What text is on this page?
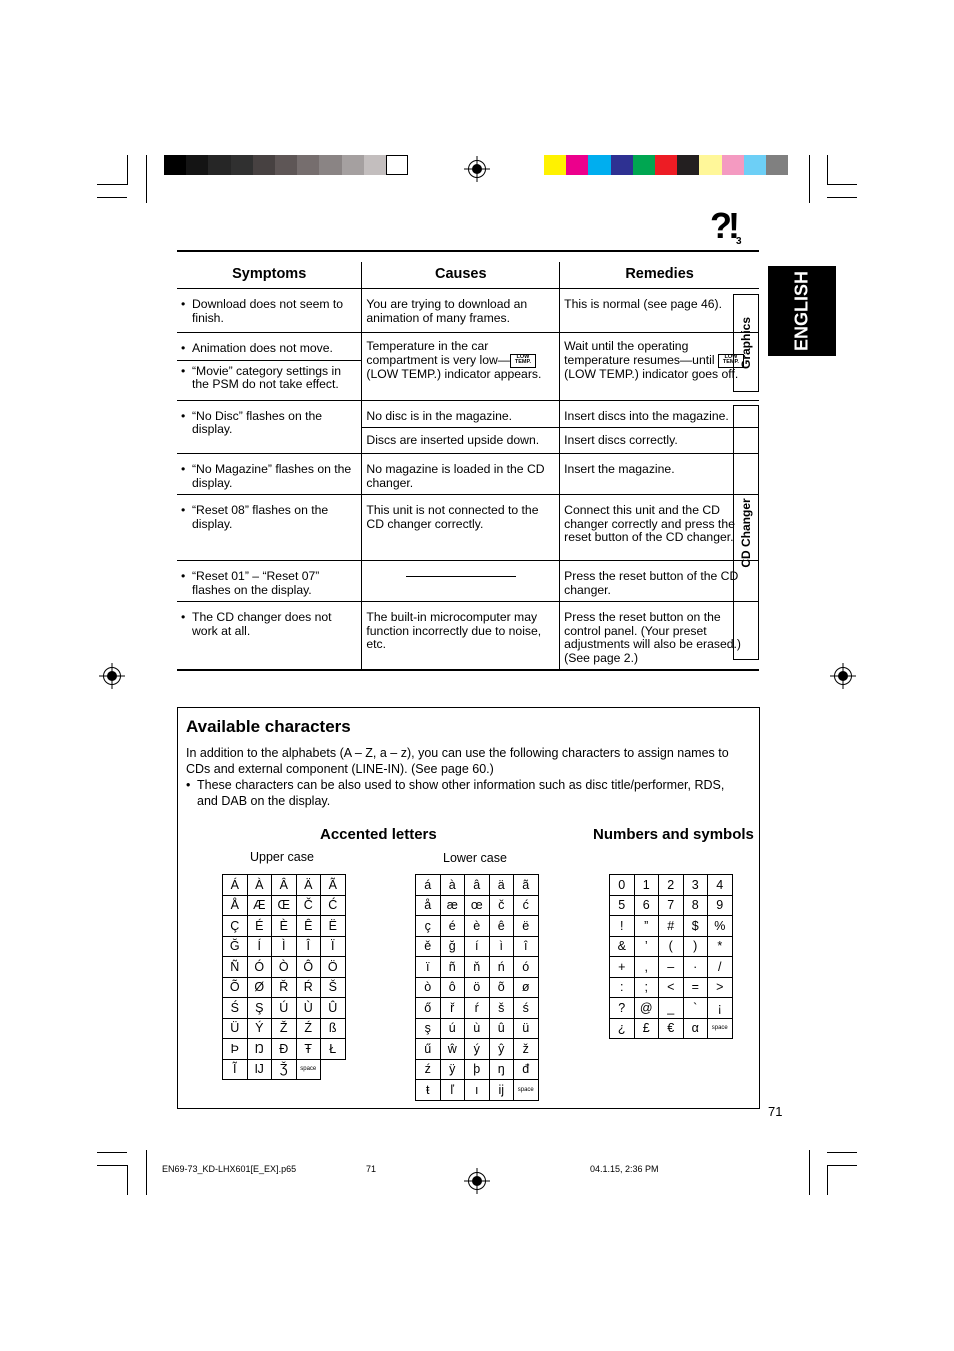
?!3
ENGLISH
Symptoms	Causes	Remedies

• Download does not seem to finish.	You are trying to download an animation of many frames.	This is normal (see page 46).

• Animation does not move.	Temperature in the car compartment is very low— LOW TEMP. (LOW TEMP.) indicator appears.	Wait until the operating temperature resumes—until LOW TEMP. (LOW TEMP.) indicator goes off.

• “Movie” category settings in the PSM do not take effect.

• “No Disc” flashes on the display.	No disc is in the magazine.	Insert discs into the magazine.
	Discs are inserted upside down.	Insert discs correctly.

• “No Magazine” flashes on the display.	No magazine is loaded in the CD changer.	Insert the magazine.

• “Reset 08” flashes on the display.	This unit is not connected to the CD changer correctly.	Connect this unit and the CD changer correctly and press the reset button of the CD changer.

• “Reset 01” – “Reset 07” flashes on the display.		Press the reset button of the CD changer.

• The CD changer does not work at all.	The built-in microcomputer may function incorrectly due to noise, etc.	Press the reset button on the control panel. (Your preset adjustments will also be erased.) (See page 2.)
Graphics
CD Changer
Available characters
In addition to the alphabets (A – Z, a – z), you can use the following characters to assign names to CDs and external component (LINE-IN). (See page 60.)
• These characters can be also used to show other information such as disc title/performer, RDS, and DAB on the display.
Accented letters	Numbers and symbols
Upper case	Lower case
Á	À	Â	Ä	Ã
Å	Æ	Œ	Č	Ć
Ç	É	È	Ê	Ë
Ğ	Í	Ì	Î	Ï
Ñ	Ó	Ò	Ô	Ö
Õ	Ø	Ř	Ŕ	Š
Ś	Ş	Ú	Ù	Û
Ü	Ý	Ž	Ź	ß
Þ	Ŋ	Đ	Ŧ	Ł
Ĩ	Ĳ	Ǯ	space	
á	à	â	ä	ã
å	æ	œ	č	ć
ç	é	è	ê	ë
ě	ğ	í	ì	î
ï	ñ	ň	ń	ó
ò	ô	ö	õ	ø
ő	ř	ŕ	š	ś
ş	ú	ù	û	ü
ű	ŵ	ý	ŷ	ž
ź	ÿ	þ	ŋ	đ
ŧ	ľ	ı	ĳ	space
0	1	2	3	4
5	6	7	8	9
!	”	#	$	%
&	’	(	)	*
+	,	–	·	/
:	;	<	=	>
?	@	_	`	¡
¿	£	€	α	space
71
EN69-73_KD-LHX601[E_EX].p65	71	04.1.15, 2:36 PM
